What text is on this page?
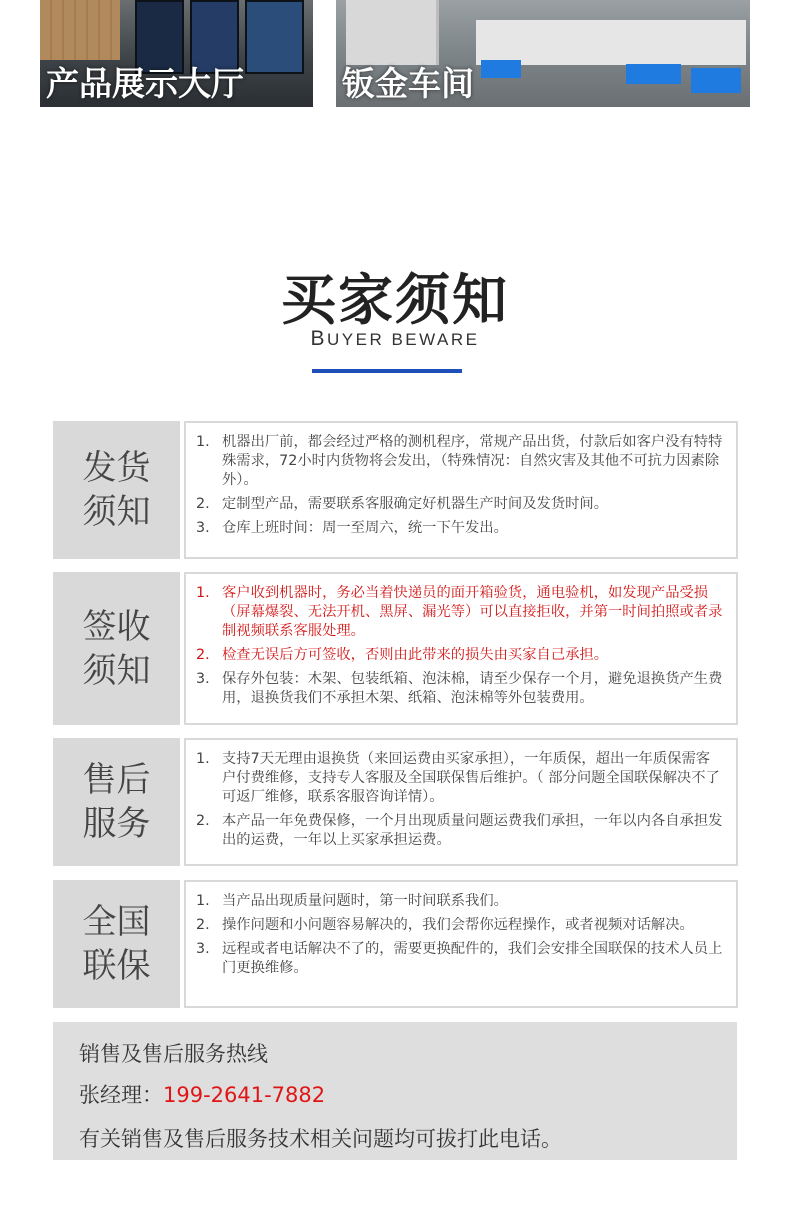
产品展示大厅	钣金车间
买家须知
BUYER BEWARE
发货
须知
1. 机器出厂前，都会经过严格的测机程序，常规产品出货，付款后如客户没有特特殊需求，72小时内货物将会发出，（特殊情况：自然灾害及其他不可抗力因素除外）。
2. 定制型产品，需要联系客服确定好机器生产时间及发货时间。
3. 仓库上班时间：周一至周六，统一下午发出。
签收
须知
1. 客户收到机器时，务必当着快递员的面开箱验货，通电验机，如发现产品受损（屏幕爆裂、无法开机、黑屏、漏光等）可以直接拒收，并第一时间拍照或者录制视频联系客服处理。
2. 检查无误后方可签收，否则由此带来的损失由买家自己承担。
3. 保存外包装：木架、包装纸箱、泡沫棉，请至少保存一个月，避免退换货产生费用，退换货我们不承担木架、纸箱、泡沫棉等外包装费用。
售后
服务
1. 支持7天无理由退换货（来回运费由买家承担），一年质保，超出一年质保需客户付费维修，支持专人客服及全国联保售后维护。（ 部分问题全国联保解决不了可返厂维修，联系客服咨询详情）。
2. 本产品一年免费保修，一个月出现质量问题运费我们承担，一年以内各自承担发出的运费，一年以上买家承担运费。
全国
联保
1. 当产品出现质量问题时，第一时间联系我们。
2. 操作问题和小问题容易解决的，我们会帮你远程操作，或者视频对话解决。
3. 远程或者电话解决不了的，需要更换配件的，我们会安排全国联保的技术人员上门更换维修。
销售及售后服务热线
张经理：199-2641-7882
有关销售及售后服务技术相关问题均可拔打此电话。
